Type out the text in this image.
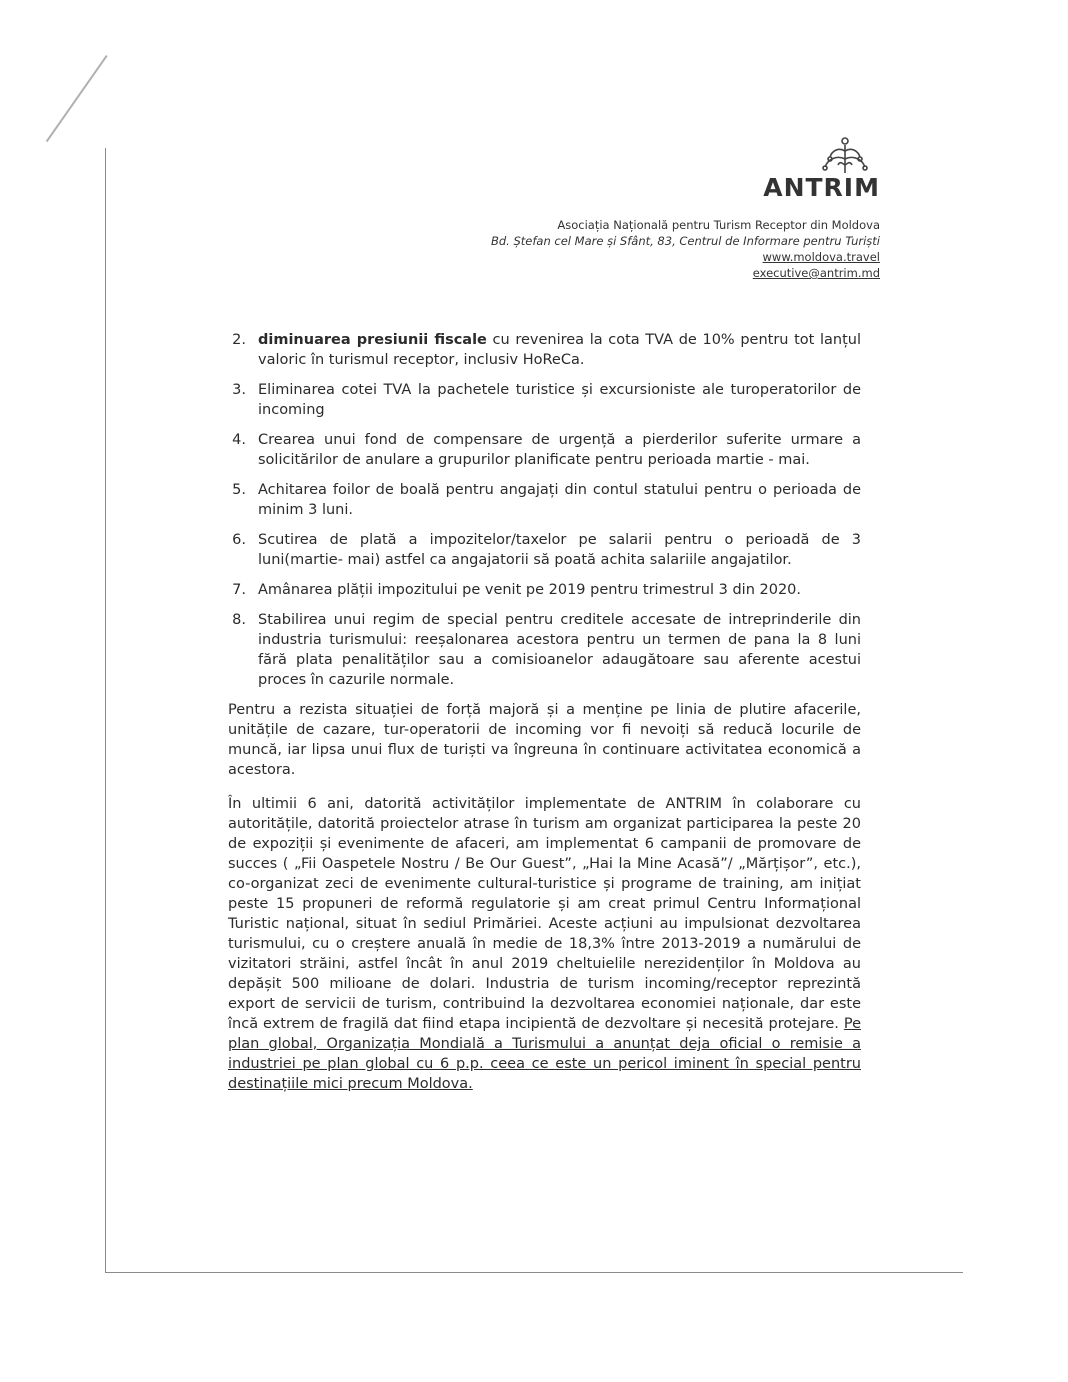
ANTRIM
Asociația Națională pentru Turism Receptor din Moldova
Bd. Ștefan cel Mare și Sfânt, 83, Centrul de Informare pentru Turiști
www.moldova.travel
executive@antrim.md
2. diminuarea presiunii fiscale cu revenirea la cota TVA de 10% pentru tot lanțul valoric în turismul receptor, inclusiv HoReCa.
3. Eliminarea cotei TVA la pachetele turistice și excursioniste ale turoperatorilor de incoming
4. Crearea unui fond de compensare de urgență a pierderilor suferite urmare a solicitărilor de anulare a grupurilor planificate pentru perioada martie - mai.
5. Achitarea foilor de boală pentru angajați din contul statului pentru o perioada de minim 3 luni.
6. Scutirea de plată a impozitelor/taxelor pe salarii pentru o perioadă de 3 luni(martie- mai) astfel ca angajatorii să poată achita salariile angajatilor.
7. Amânarea plății impozitului pe venit pe 2019 pentru trimestrul 3 din 2020.
8. Stabilirea unui regim de special pentru creditele accesate de intreprinderile din industria turismului: reeșalonarea acestora pentru un termen de pana la 8 luni fără plata penalităților sau a comisioanelor adaugătoare sau aferente acestui proces în cazurile normale.

Pentru a rezista situației de forță majoră și a menține pe linia de plutire afacerile, unitățile de cazare, tur-operatorii de incoming vor fi nevoiți să reducă locurile de muncă, iar lipsa unui flux de turiști va îngreuna în continuare activitatea economică a acestora.

În ultimii 6 ani, datorită activităților implementate de ANTRIM în colaborare cu autoritățile, datorită proiectelor atrase în turism am organizat participarea la peste 20 de expoziții și evenimente de afaceri, am implementat 6 campanii de promovare de succes ( „Fii Oaspetele Nostru / Be Our Guest”, „Hai la Mine Acasă”/ „Mărțișor”, etc.), co-organizat zeci de evenimente cultural-turistice și programe de training, am inițiat peste 15 propuneri de reformă regulatorie și am creat primul Centru Informațional Turistic național, situat în sediul Primăriei. Aceste acțiuni au impulsionat dezvoltarea turismului, cu o creștere anuală în medie de 18,3% între 2013-2019 a numărului de vizitatori străini, astfel încât în anul 2019 cheltuielile nerezidenților în Moldova au depășit 500 milioane de dolari. Industria de turism incoming/receptor reprezintă export de servicii de turism, contribuind la dezvoltarea economiei naționale, dar este încă extrem de fragilă dat fiind etapa incipientă de dezvoltare și necesită protejare. Pe plan global, Organizația Mondială a Turismului a anunțat deja oficial o remisie a industriei pe plan global cu 6 p.p. ceea ce este un pericol iminent în special pentru destinațiile mici precum Moldova.
